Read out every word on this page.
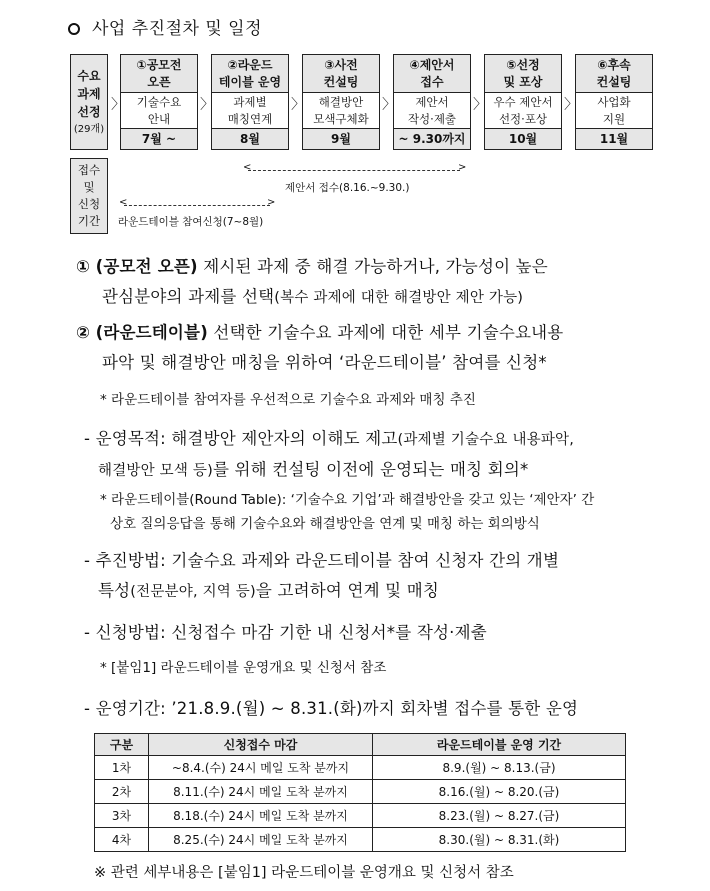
사업 추진절차 및 일정
수요
과제
선정
(29개)
〉
①공모전
오픈
기술수요
안내
7월 ~
〉
②라운드
테이블 운영
과제별
매칭연계
8월
〉
③사전
컨설팅
해결방안
모색구체화
9월
〉
④제안서
접수
제안서
작성·제출
~ 9.30까지
〉
⑤선정
및 포상
우수 제안서
선정·포상
10월
〉
⑥후속
컨설팅
사업화
지원
11월
접수
및
신청
기간
<	>
제안서 접수(8.16.~9.30.)
<	>
라운드테이블 참여신청(7~8월)
① (공모전 오픈) 제시된 과제 중 해결 가능하거나, 가능성이 높은
관심분야의 과제를 선택(복수 과제에 대한 해결방안 제안 가능)
② (라운드테이블) 선택한 기술수요 과제에 대한 세부 기술수요내용
파악 및 해결방안 매칭을 위하여 ‘라운드테이블’ 참여를 신청*
* 라운드테이블 참여자를 우선적으로 기술수요 과제와 매칭 추진
- 운영목적: 해결방안 제안자의 이해도 제고(과제별 기술수요 내용파악,
해결방안 모색 등)를 위해 컨설팅 이전에 운영되는 매칭 회의*
* 라운드테이블(Round Table): ‘기술수요 기업’과 해결방안을 갖고 있는 ‘제안자’ 간
상호 질의응답을 통해 기술수요와 해결방안을 연계 및 매칭 하는 회의방식
- 추진방법: 기술수요 과제와 라운드테이블 참여 신청자 간의 개별
특성(전문분야, 지역 등)을 고려하여 연계 및 매칭
- 신청방법: 신청접수 마감 기한 내 신청서*를 작성·제출
* [붙임1] 라운드테이블 운영개요 및 신청서 참조
- 운영기간: ’21.8.9.(월) ~ 8.31.(화)까지 회차별 접수를 통한 운영
구분	신청접수 마감	라운드테이블 운영 기간
1차	~8.4.(수) 24시 메일 도착 분까지	8.9.(월) ~ 8.13.(금)
2차	8.11.(수) 24시 메일 도착 분까지	8.16.(월) ~ 8.20.(금)
3차	8.18.(수) 24시 메일 도착 분까지	8.23.(월) ~ 8.27.(금)
4차	8.25.(수) 24시 메일 도착 분까지	8.30.(월) ~ 8.31.(화)
※ 관련 세부내용은 [붙임1] 라운드테이블 운영개요 및 신청서 참조
